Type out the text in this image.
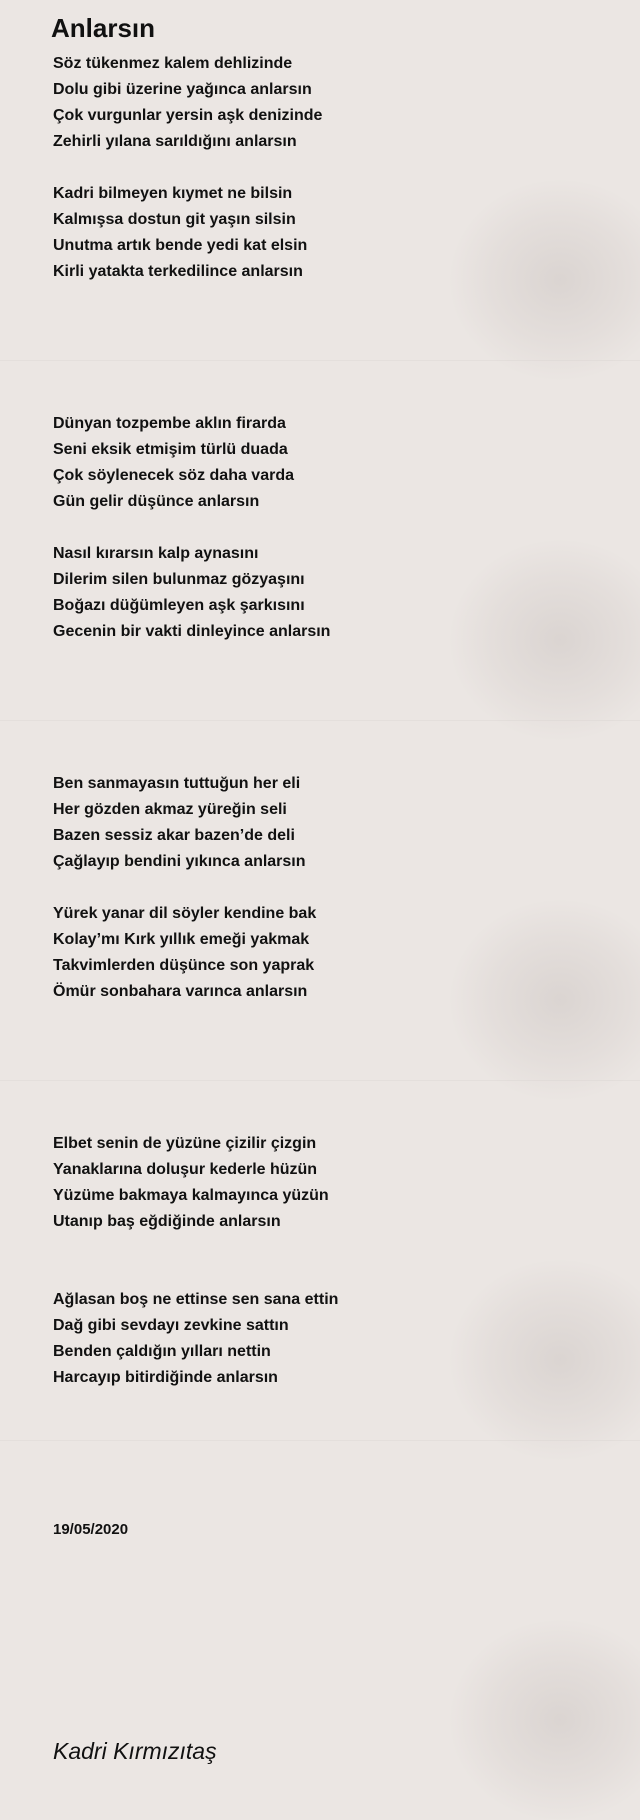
Anlarsın
Söz tükenmez kalem dehlizinde
Dolu gibi üzerine yağınca anlarsın
Çok vurgunlar yersin aşk denizinde
Zehirli yılana sarıldığını anlarsın
Kadri bilmeyen kıymet ne bilsin
Kalmışsa dostun git yaşın silsin
Unutma artık bende yedi kat elsin
Kirli yatakta terkedilince anlarsın
Dünyan tozpembe aklın firarda
Seni eksik etmişim türlü duada
Çok söylenecek söz daha varda
Gün gelir düşünce anlarsın
Nasıl kırarsın kalp aynasını
Dilerim silen bulunmaz gözyaşını
Boğazı düğümleyen aşk şarkısını
Gecenin bir vakti dinleyince anlarsın
Ben sanmayasın tuttuğun her eli
Her gözden akmaz yüreğin seli
Bazen sessiz akar bazen’de deli
Çağlayıp bendini yıkınca anlarsın
Yürek yanar dil söyler kendine bak
Kolay’mı Kırk yıllık emeği yakmak
Takvimlerden düşünce son yaprak
Ömür sonbahara varınca anlarsın
Elbet senin de yüzüne çizilir çizgin
Yanaklarına doluşur kederle hüzün
Yüzüme bakmaya kalmayınca yüzün
Utanıp baş eğdiğinde anlarsın
Ağlasan boş ne ettinse sen sana ettin
Dağ gibi sevdayı zevkine sattın
Benden çaldığın yılları nettin
Harcayıp bitirdiğinde anlarsın
19/05/2020
Kadri Kırmızıtaş
